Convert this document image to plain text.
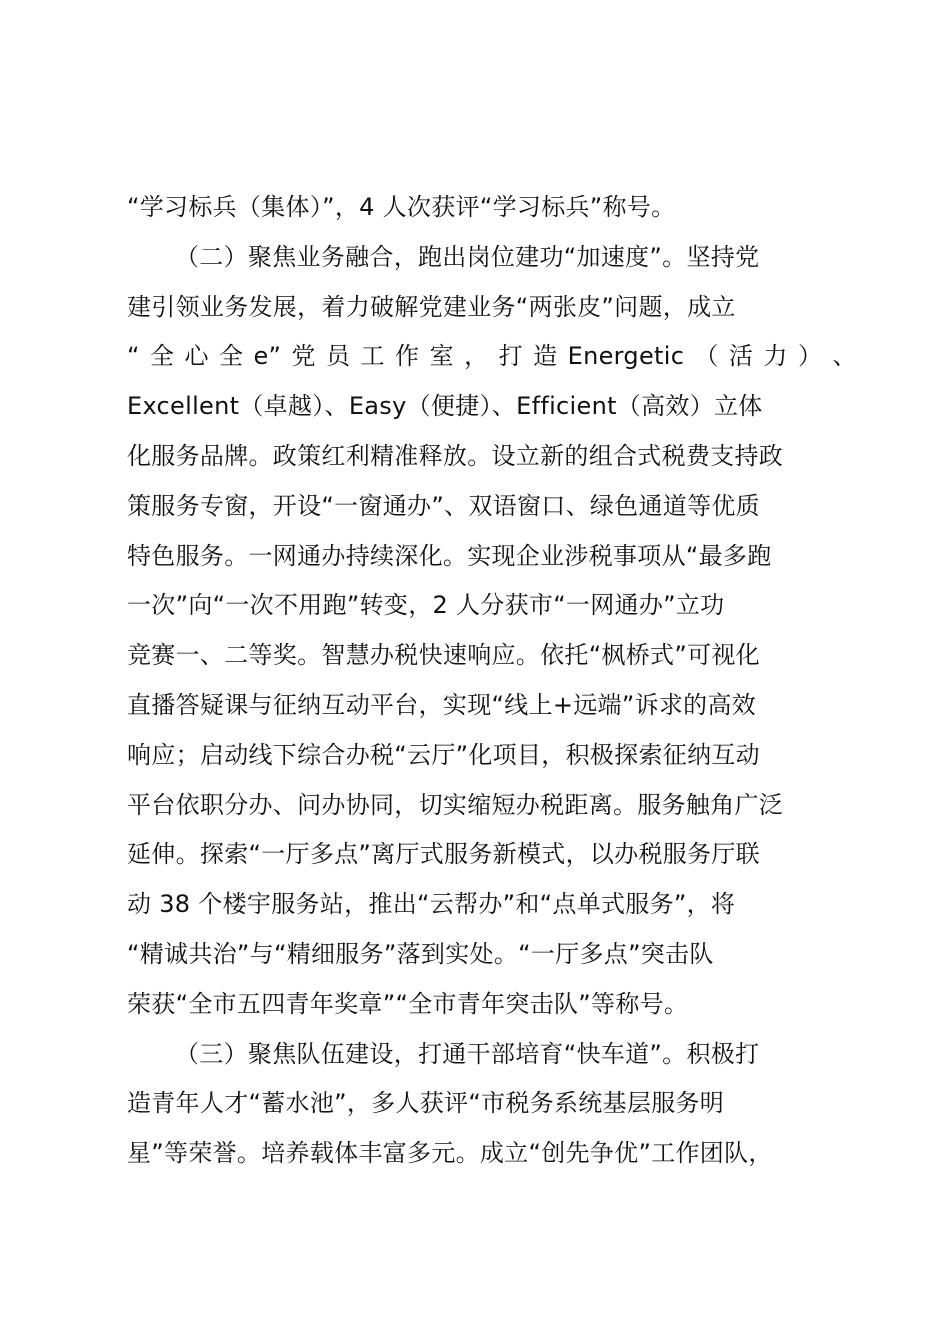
“学习标兵（集体）”，4 人次获评“学习标兵”称号。
（二）聚焦业务融合，跑出岗位建功“加速度”。坚持党
建引领业务发展，着力破解党建业务“两张皮”问题，成立
“ 全 心 全 e” 党 员 工 作 室 ， 打 造 Energetic （ 活 力 ） 、
Excellent（卓越）、Easy（便捷）、Efficient（高效）立体
化服务品牌。政策红利精准释放。设立新的组合式税费支持政
策服务专窗，开设“一窗通办”、双语窗口、绿色通道等优质
特色服务。一网通办持续深化。实现企业涉税事项从“最多跑
一次”向“一次不用跑”转变，2 人分获市“一网通办”立功
竞赛一、二等奖。智慧办税快速响应。依托“枫桥式”可视化
直播答疑课与征纳互动平台，实现“线上+远端”诉求的高效
响应；启动线下综合办税“云厅”化项目，积极探索征纳互动
平台依职分办、问办协同，切实缩短办税距离。服务触角广泛
延伸。探索“一厅多点”离厅式服务新模式，以办税服务厅联
动 38 个楼宇服务站，推出“云帮办”和“点单式服务”，将
“精诚共治”与“精细服务”落到实处。“一厅多点”突击队
荣获“全市五四青年奖章”“全市青年突击队”等称号。
（三）聚焦队伍建设，打通干部培育“快车道”。积极打
造青年人才“蓄水池”，多人获评“市税务系统基层服务明
星”等荣誉。培养载体丰富多元。成立“创先争优”工作团队，
